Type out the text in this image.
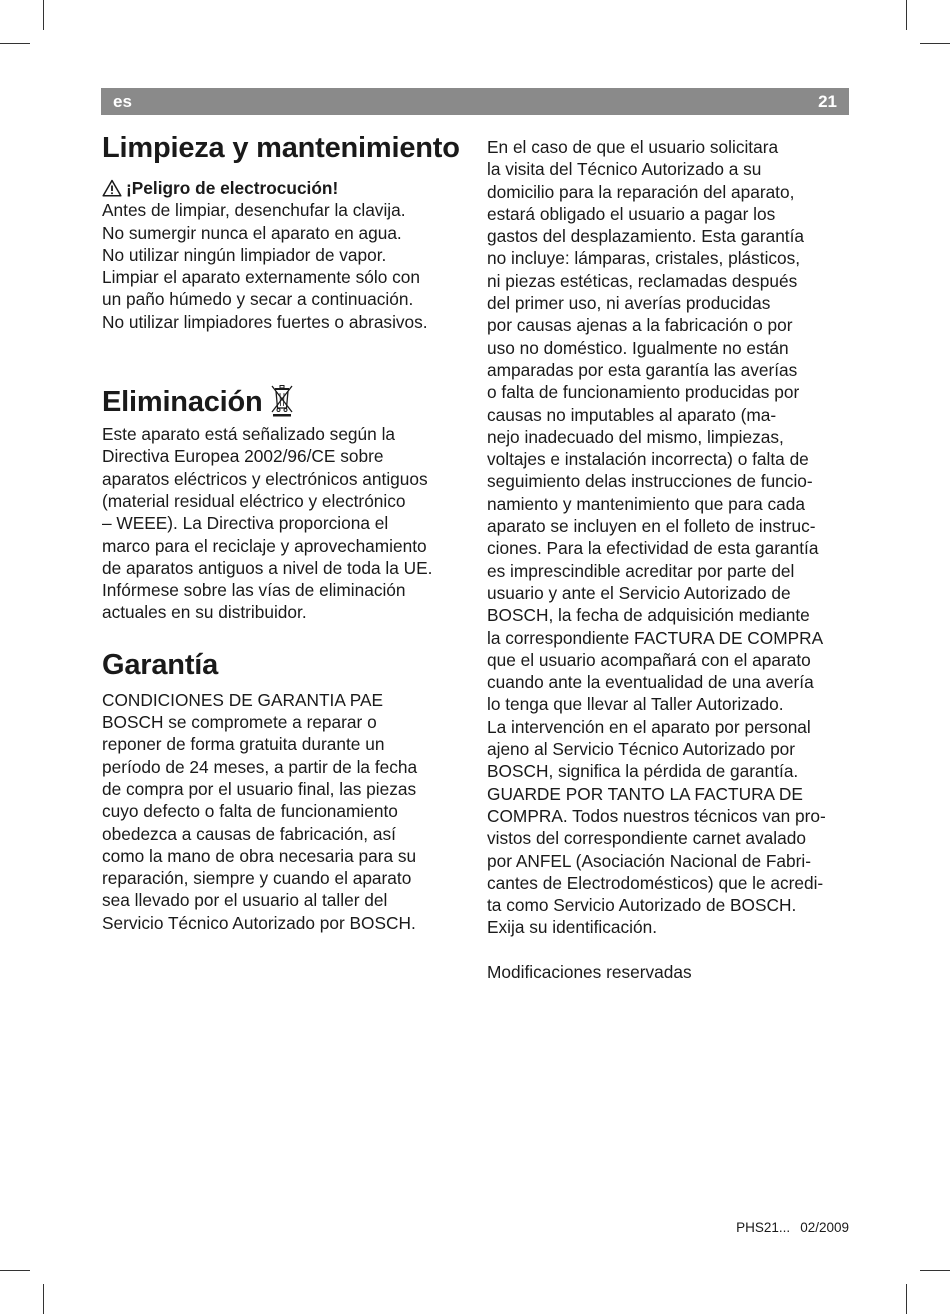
es	21
Limpieza y mantenimiento
¡Peligro de electrocución!
Antes de limpiar, desenchufar la clavija.
No sumergir nunca el aparato en agua.
No utilizar ningún limpiador de vapor.
Limpiar el aparato externamente sólo con
un paño húmedo y secar a continuación.
No utilizar limpiadores fuertes o abrasivos.
Eliminación
Este aparato está señalizado según la
Directiva Europea 2002/96/CE sobre
aparatos eléctricos y electrónicos antiguos
(material residual eléctrico y electrónico
– WEEE). La Directiva proporciona el
marco para el reciclaje y aprovechamiento
de aparatos antiguos a nivel de toda la UE.
Infórmese sobre las vías de eliminación
actuales en su distribuidor.
Garantía
CONDICIONES DE GARANTIA PAE
BOSCH se compromete a reparar o
reponer de forma gratuita durante un
período de 24 meses, a partir de la fecha
de compra por el usuario final, las piezas
cuyo defecto o falta de funcionamiento
obedezca a causas de fabricación, así
como la mano de obra necesaria para su
reparación, siempre y cuando el aparato
sea llevado por el usuario al taller del
Servicio Técnico Autorizado por BOSCH.
En el caso de que el usuario solicitara
la visita del Técnico Autorizado a su
domicilio para la reparación del aparato,
estará obligado el usuario a pagar los
gastos del desplazamiento. Esta garantía
no incluye: lámparas, cristales, plásticos,
ni piezas estéticas, reclamadas después
del primer uso, ni averías producidas
por causas ajenas a la fabricación o por
uso no doméstico. Igualmente no están
amparadas por esta garantía las averías
o falta de funcionamiento producidas por
causas no imputables al aparato (ma-
nejo inadecuado del mismo, limpiezas,
voltajes e instalación incorrecta) o falta de
seguimiento delas instrucciones de funcio-
namiento y mantenimiento que para cada
aparato se incluyen en el folleto de instruc-
ciones. Para la efectividad de esta garantía
es imprescindible acreditar por parte del
usuario y ante el Servicio Autorizado de
BOSCH, la fecha de adquisición mediante
la correspondiente FACTURA DE COMPRA
que el usuario acompañará con el aparato
cuando ante la eventualidad de una avería
lo tenga que llevar al Taller Autorizado.
La intervención en el aparato por personal
ajeno al Servicio Técnico Autorizado por
BOSCH, significa la pérdida de garantía.
GUARDE POR TANTO LA FACTURA DE
COMPRA. Todos nuestros técnicos van pro-
vistos del correspondiente carnet avalado
por ANFEL (Asociación Nacional de Fabri-
cantes de Electrodomésticos) que le acredi-
ta como Servicio Autorizado de BOSCH.
Exija su identificación.
Modificaciones reservadas
PHS21... 02/2009
